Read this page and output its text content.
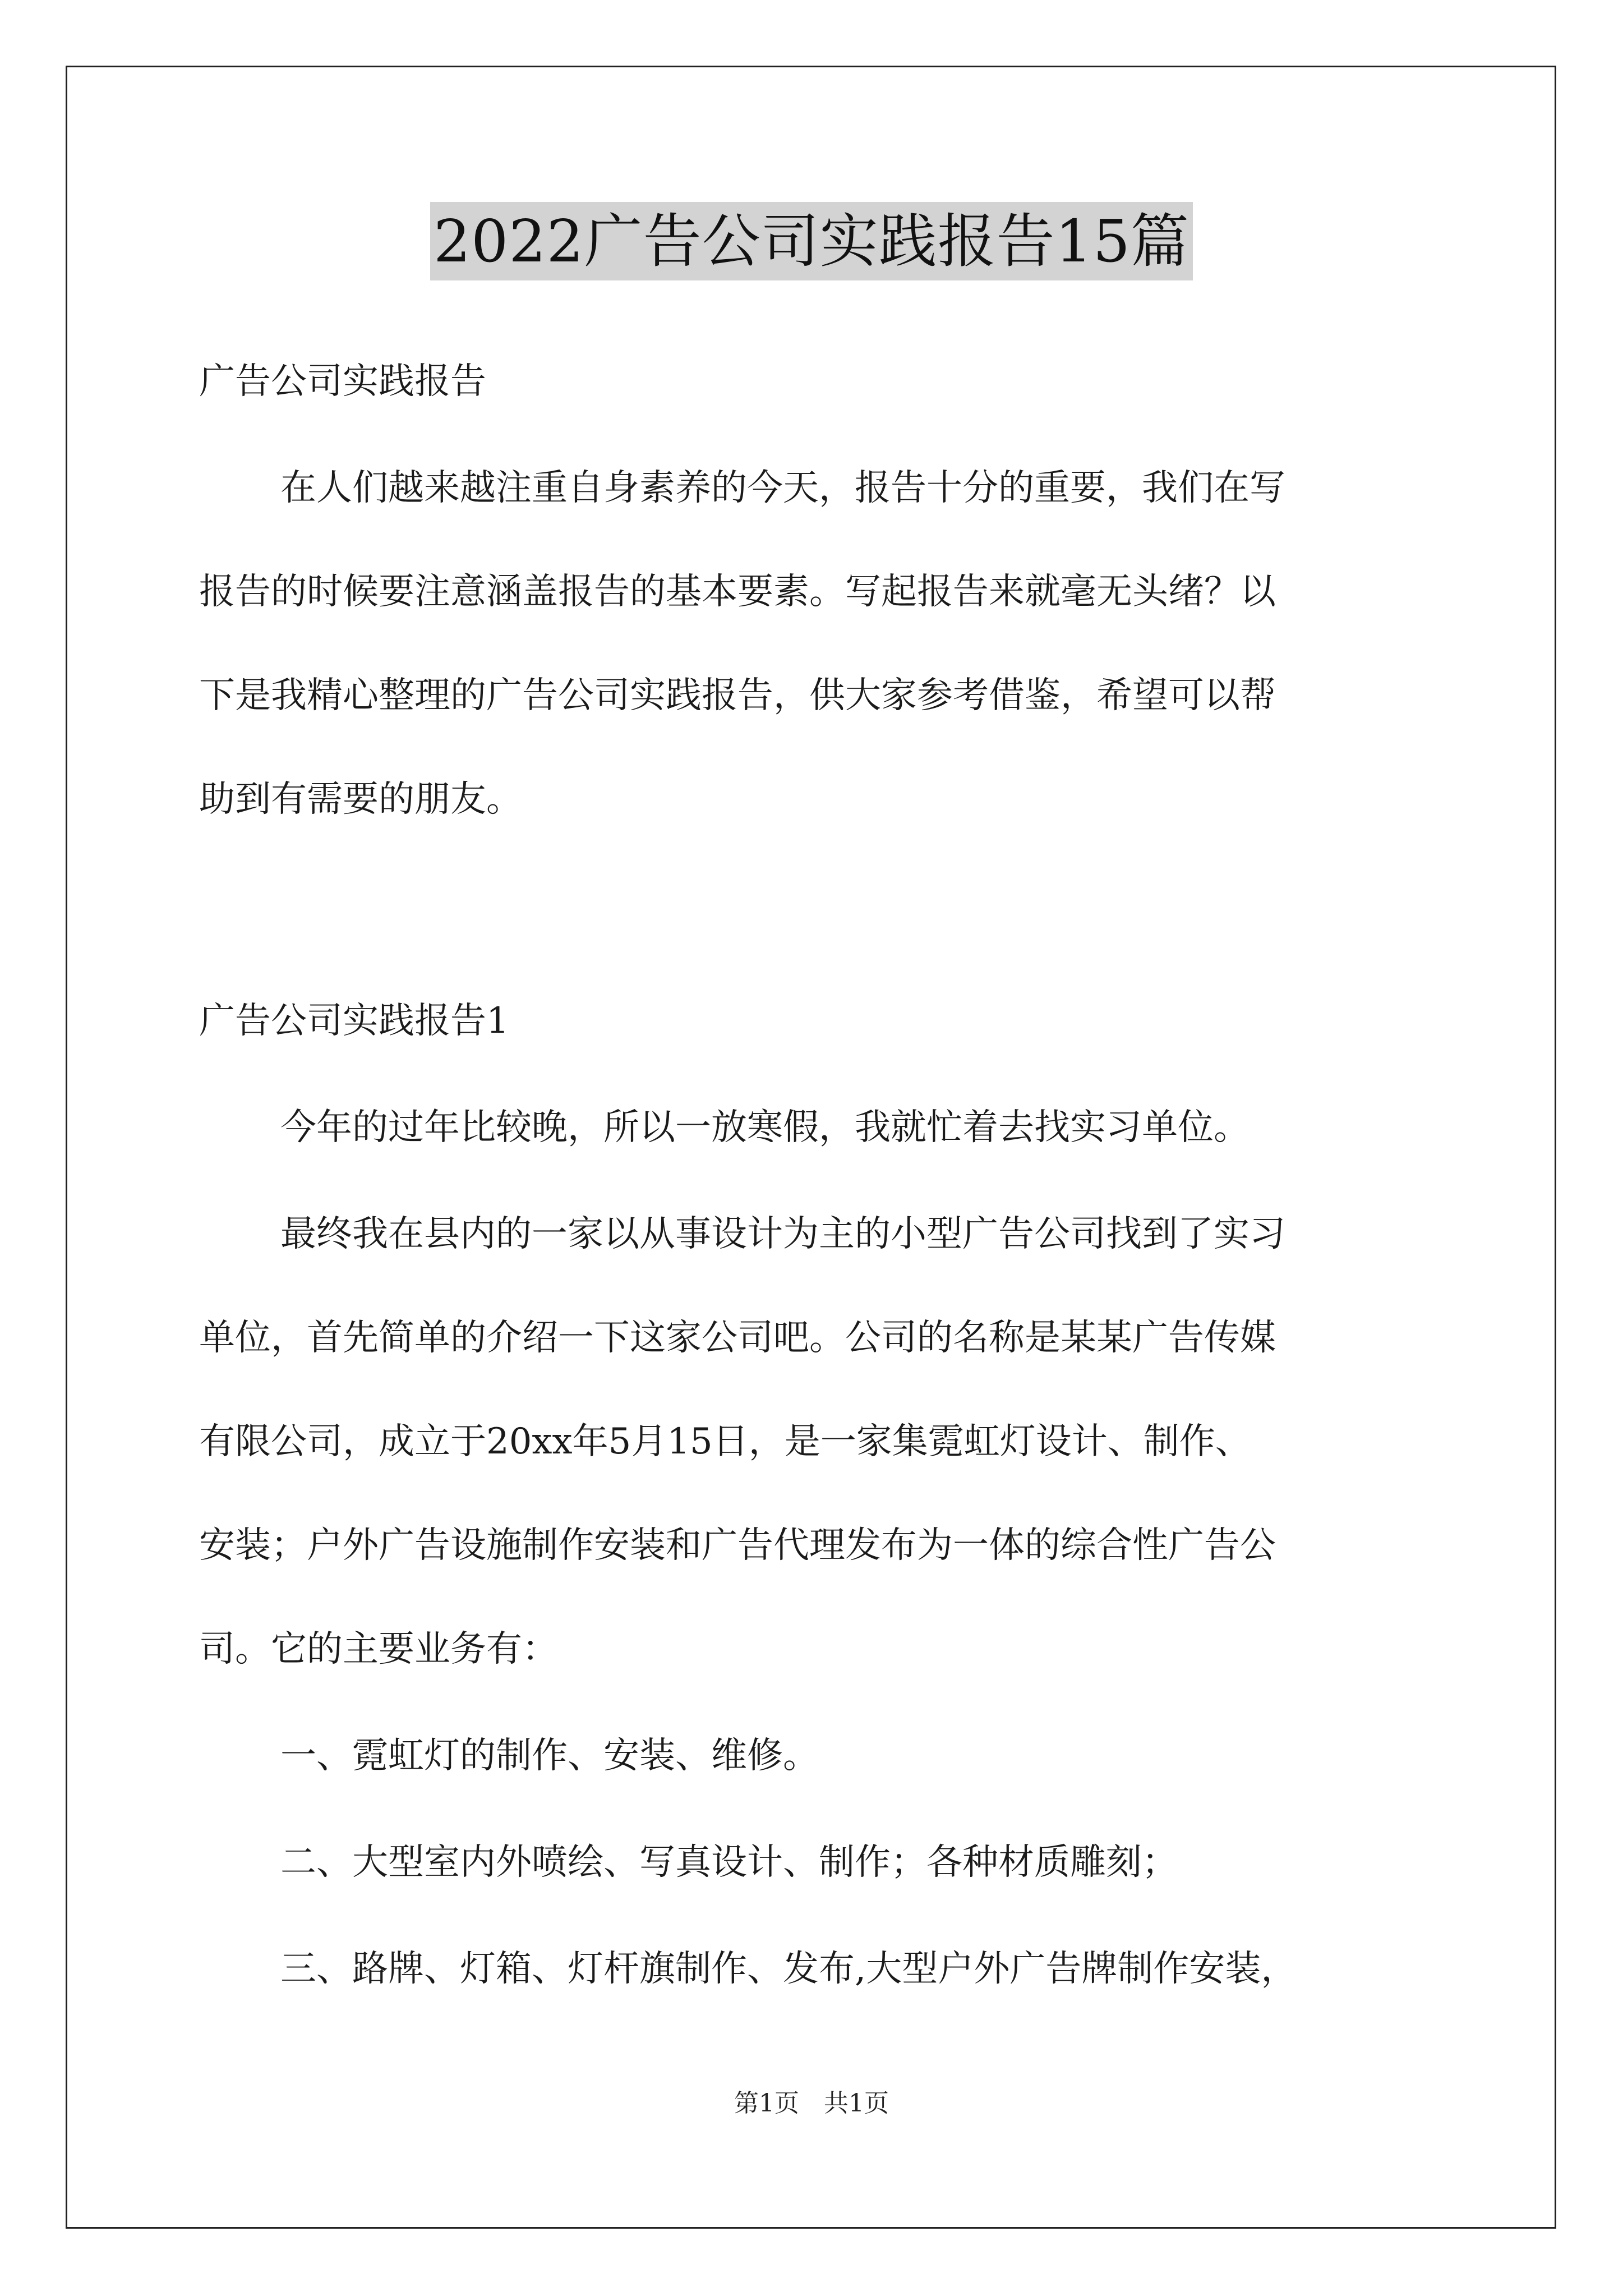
2022广告公司实践报告15篇
广告公司实践报告
在人们越来越注重自身素养的今天，报告十分的重要，我们在写
报告的时候要注意涵盖报告的基本要素。写起报告来就毫无头绪？以
下是我精心整理的广告公司实践报告，供大家参考借鉴，希望可以帮
助到有需要的朋友。
广告公司实践报告1
今年的过年比较晚，所以一放寒假，我就忙着去找实习单位。
最终我在县内的一家以从事设计为主的小型广告公司找到了实习
单位，首先简单的介绍一下这家公司吧。公司的名称是某某广告传媒
有限公司，成立于20xx年5月15日，是一家集霓虹灯设计、制作、
安装；户外广告设施制作安装和广告代理发布为一体的综合性广告公
司。它的主要业务有：
一、霓虹灯的制作、安装、维修。
二、大型室内外喷绘、写真设计、制作；各种材质雕刻；
三、路牌、灯箱、灯杆旗制作、发布,大型户外广告牌制作安装，
第1页　共1页
